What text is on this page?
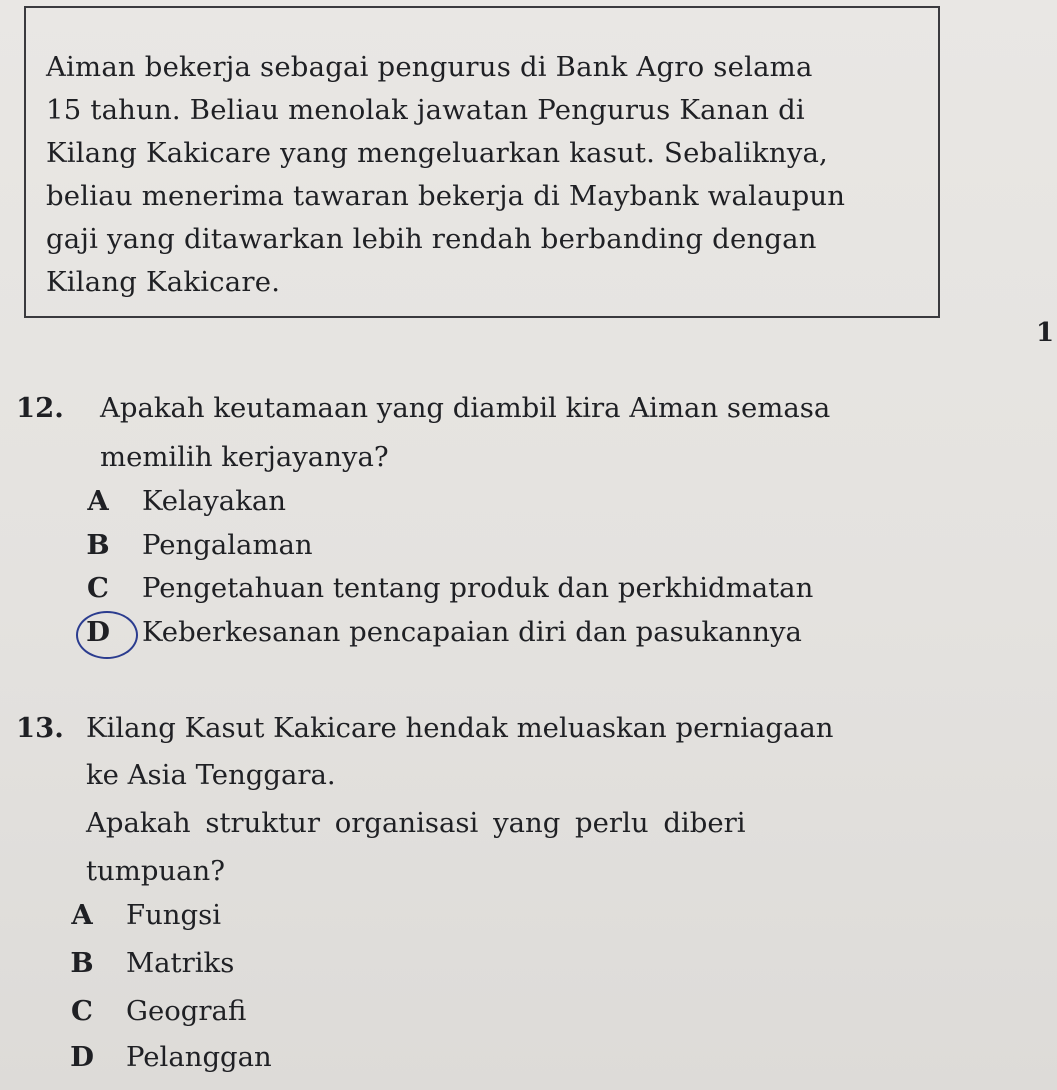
Aiman bekerja sebagai pengurus di Bank Agro selama
15 tahun. Beliau menolak jawatan Pengurus Kanan di
Kilang Kakicare yang mengeluarkan kasut. Sebaliknya,
beliau menerima tawaran bekerja di Maybank walaupun
gaji yang ditawarkan lebih rendah berbanding dengan
Kilang Kakicare.
1
12. Apakah keutamaan yang diambil kira Aiman semasa
memilih kerjayanya?
A Kelayakan
B Pengalaman
C Pengetahuan tentang produk dan perkhidmatan
D Keberkesanan pencapaian diri dan pasukannya
13. Kilang Kasut Kakicare hendak meluaskan perniagaan
ke Asia Tenggara.
Apakah struktur organisasi yang perlu diberi
tumpuan?
A Fungsi
B Matriks
C Geografi
D Pelanggan
